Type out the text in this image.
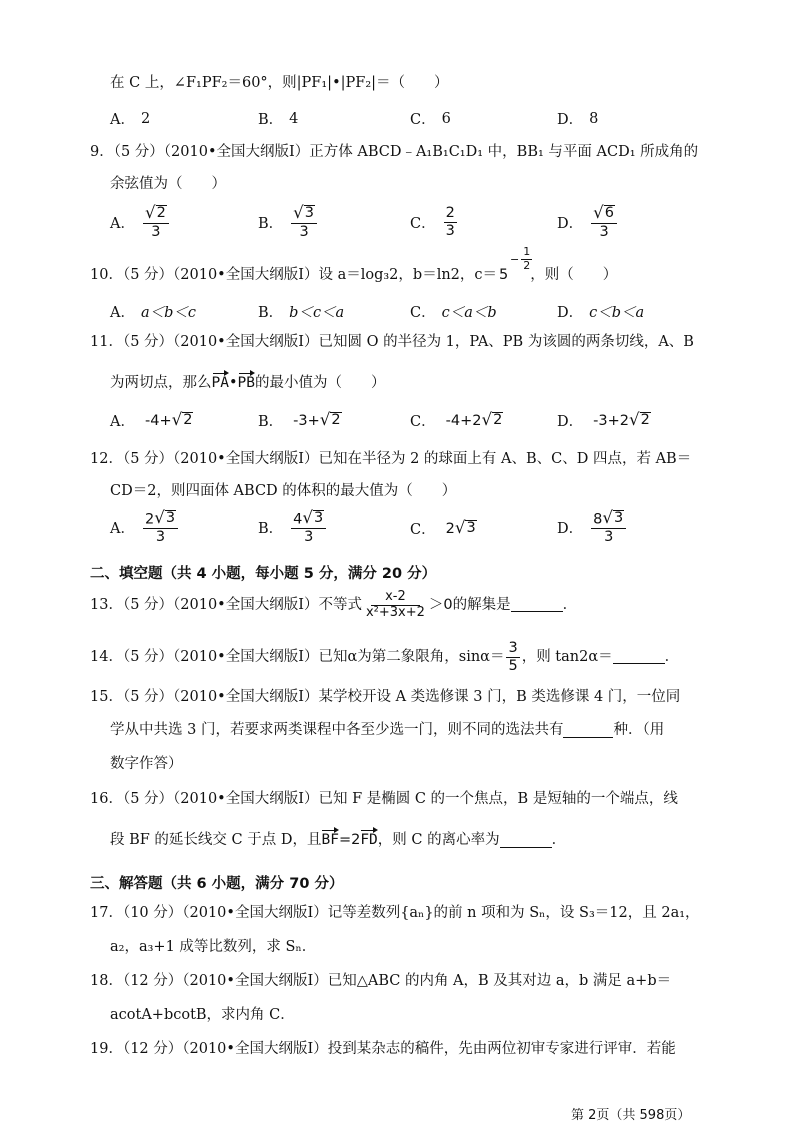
在 C 上，∠F₁PF₂＝60°，则|PF₁|•|PF₂|＝（　　）
A． 2	B． 4	C． 6	D． 8
9．（5 分）（2010•全国大纲版Ⅰ）正方体 ABCD﹣A₁B₁C₁D₁ 中，BB₁ 与平面 ACD₁ 所成角的
余弦值为（　　）
A． $\frac{√ 2}{3}$	B． $\frac{√ 3}{3}$	C． $\frac{2}{3}$	D． $\frac{√ 6}{3}$
10．（5 分）（2010•全国大纲版Ⅰ）设 a＝log₃2，b＝ln2，c＝ 5
− $\frac{1}{2}$
，则（　　）
A． a＜b＜c	B． b＜c＜a	C． c＜a＜b	D． c＜b＜a
11．（5 分）（2010•全国大纲版Ⅰ）已知圆 O 的半径为 1，PA、PB 为该圆的两条切线，A、B
为两切点，那么 PA • PB 的最小值为（　　）
A． -4+ √ 2	B． -3+ √ 2	C． -4+2 √ 2	D． -3+2 √ 2
12．（5 分）（2010•全国大纲版Ⅰ）已知在半径为 2 的球面上有 A、B、C、D 四点，若 AB＝
CD＝2，则四面体 ABCD 的体积的最大值为（　　）
A． $\frac{2 √ 3}{3}$	B． $\frac{4 √ 3}{3}$	C． 2 √ 3	D． $\frac{8 √ 3}{3}$
二、填空题（共 4 小题，每小题 5 分，满分 20 分）
13．（5 分）（2010•全国大纲版Ⅰ）不等式 $\frac{x-2}{\text{x²+3x+2}} >0$ 的解集是	．
14．（5 分）（2010•全国大纲版Ⅰ）已知α为第二象限角，$\sin\alpha= \frac{3}{5}$ ，则 tan2α＝	．
15．（5 分）（2010•全国大纲版Ⅰ）某学校开设 A 类选修课 3 门，B 类选修课 4 门，一位同
学从中共选 3 门，若要求两类课程中各至少选一门，则不同的选法共有	种．（用
数字作答）
16．（5 分）（2010•全国大纲版Ⅰ）已知 F 是椭圆 C 的一个焦点，B 是短轴的一个端点，线
段 BF 的延长线交 C 于点 D，且 BF =2 FD ，则 C 的离心率为	．
三、解答题（共 6 小题，满分 70 分）
17．（10 分）（2010•全国大纲版Ⅰ）记等差数列{aₙ}的前 n 项和为 Sₙ，设 S₃＝12，且 2a₁，
a₂，a₃+1 成等比数列，求 Sₙ．
18．（12 分）（2010•全国大纲版Ⅰ）已知△ABC 的内角 A，B 及其对边 a，b 满足 a+b＝
acotA+bcotB，求内角 C．
19．（12 分）（2010•全国大纲版Ⅰ）投到某杂志的稿件，先由两位初审专家进行评审．若能
第 2页（共 598页）
